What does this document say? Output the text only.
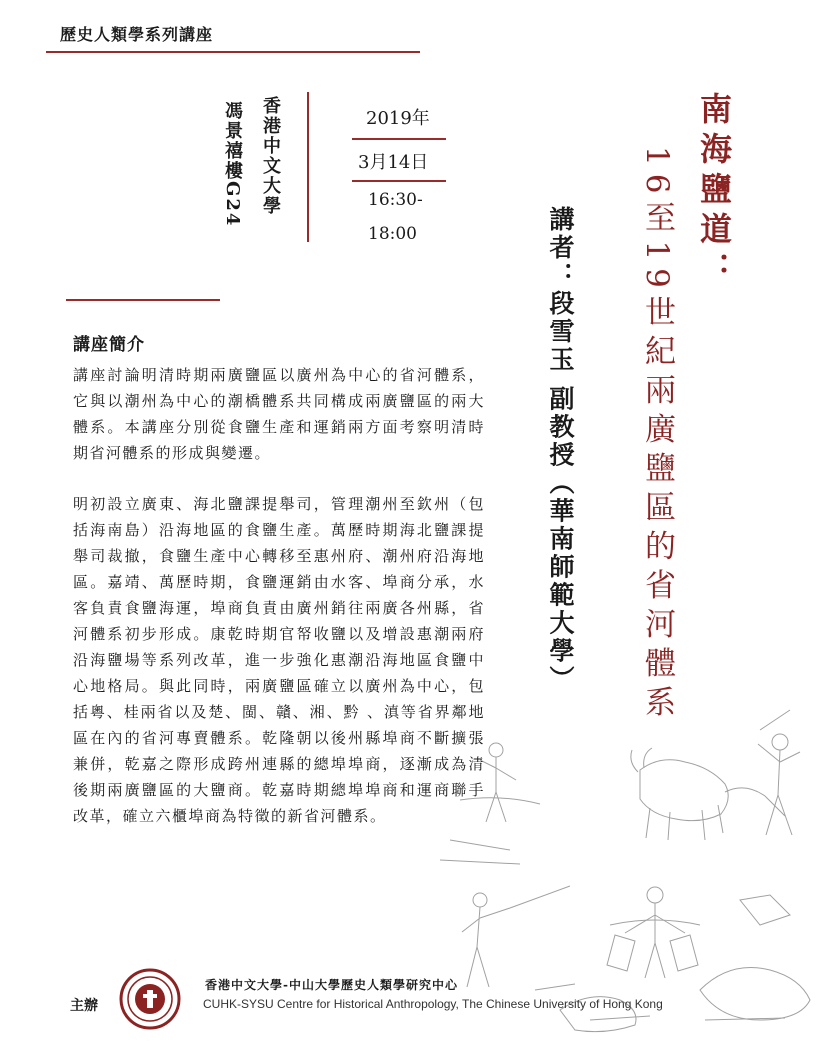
歷史人類學系列講座
香港中文大學
馮景禧樓G24	2019年
3月14日
16:30-
18:00
講座簡介
講座討論明清時期兩廣鹽區以廣州為中心的省河體系，它與以潮州為中心的潮橋體系共同構成兩廣鹽區的兩大體系。本講座分別從食鹽生產和運銷兩方面考察明清時期省河體系的形成與變遷。
明初設立廣東、海北鹽課提舉司，管理潮州至欽州（包括海南島）沿海地區的食鹽生產。萬歷時期海北鹽課提舉司裁撤，食鹽生產中心轉移至惠州府、潮州府沿海地區。嘉靖、萬歷時期，食鹽運銷由水客、埠商分承，水客負責食鹽海運，埠商負責由廣州銷往兩廣各州縣，省河體系初步形成。康乾時期官帑收鹽以及增設惠潮兩府沿海鹽場等系列改革，進一步強化惠潮沿海地區食鹽中心地格局。與此同時，兩廣鹽區確立以廣州為中心，包括粵、桂兩省以及楚、閩、贛、湘、黔 、滇等省界鄰地區在內的省河專賣體系。乾隆朝以後州縣埠商不斷擴張兼併，乾嘉之際形成跨州連縣的總埠埠商，逐漸成為清後期兩廣鹽區的大鹽商。乾嘉時期總埠埠商和運商聯手改革，確立六櫃埠商為特徵的新省河體系。
南海鹽道：
16至19世紀兩廣鹽區的省河體系
講者：段雪玉 副教授（華南師範大學）
主辦
香港中文大學-中山大學歷史人類學研究中心
CUHK-SYSU Centre for Historical Anthropology, The Chinese University of Hong Kong
